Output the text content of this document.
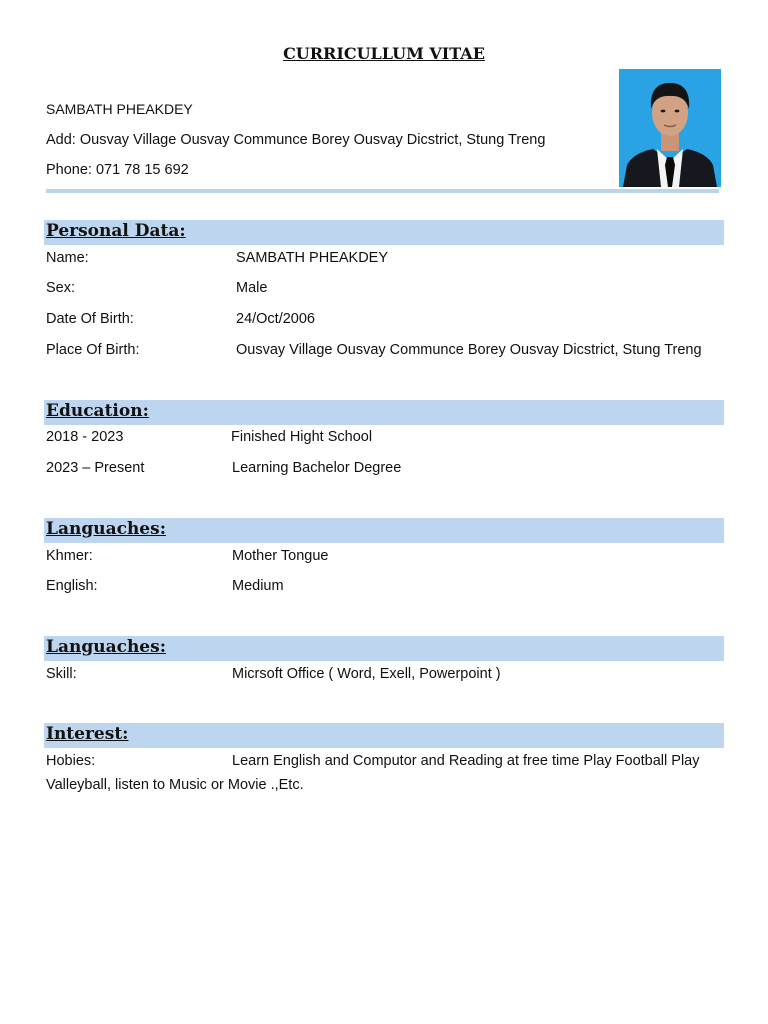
CURRICULLUM VITAE
SAMBATH PHEAKDEY
Add: Ousvay Village Ousvay Communce Borey Ousvay Dicstrict, Stung Treng
Phone: 071 78 15 692
Personal Data:
Name:	SAMBATH PHEAKDEY
Sex:	Male
Date Of Birth:	24/Oct/2006
Place Of Birth:	Ousvay Village Ousvay Communce Borey Ousvay Dicstrict, Stung Treng
Education:
2018 - 2023	Finished Hight School
2023 – Present	Learning Bachelor Degree
Languaches:
Khmer:	Mother Tongue
English:	Medium
Languaches:
Skill:	Micrsoft Office ( Word, Exell, Powerpoint )
Interest:
Hobies:	Learn English and Computor and Reading at free time Play Football Play Valleyball, listen to Music or Movie .,Etc.
